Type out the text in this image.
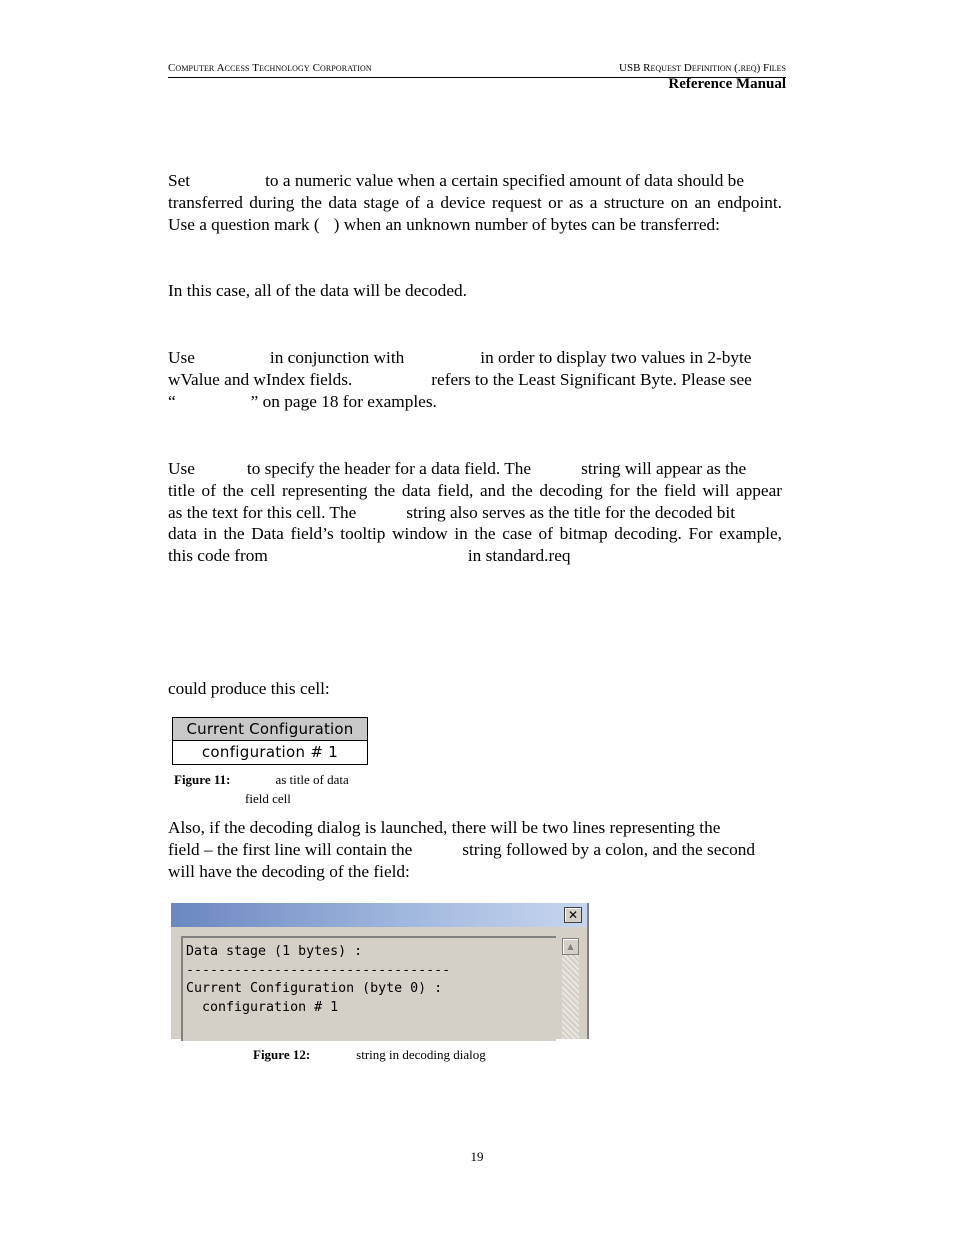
Computer Access Technology Corporation	USB Request Definition (.req) Files
Reference Manual
Set	to a numeric value when a certain specified amount of data should be
transferred during the data stage of a device request or as a structure on an endpoint.
Use a question mark ( ) when an unknown number of bytes can be transferred:
In this case, all of the data will be decoded.
Use	in conjunction with	in order to display two values in 2-byte
wValue and wIndex fields.	refers to the Least Significant Byte. Please see
“	” on page 18 for examples.
Use	to specify the header for a data field. The	string will appear as the
title of the cell representing the data field, and the decoding for the field will appear
as the text for this cell. The	string also serves as the title for the decoded bit
data in the Data field’s tooltip window in the case of bitmap decoding. For example,
this code from	in standard.req
could produce this cell:
Current Configuration
configuration # 1
Figure 11:	as title of data
field cell
Also, if the decoding dialog is launched, there will be two lines representing the
field – the first line will contain the	string followed by a colon, and the second
will have the decoding of the field:
✕
Data stage (1 bytes) :
---------------------------------
Current Configuration (byte 0) :
configuration # 1
▲
Figure 12:	string in decoding dialog
19
